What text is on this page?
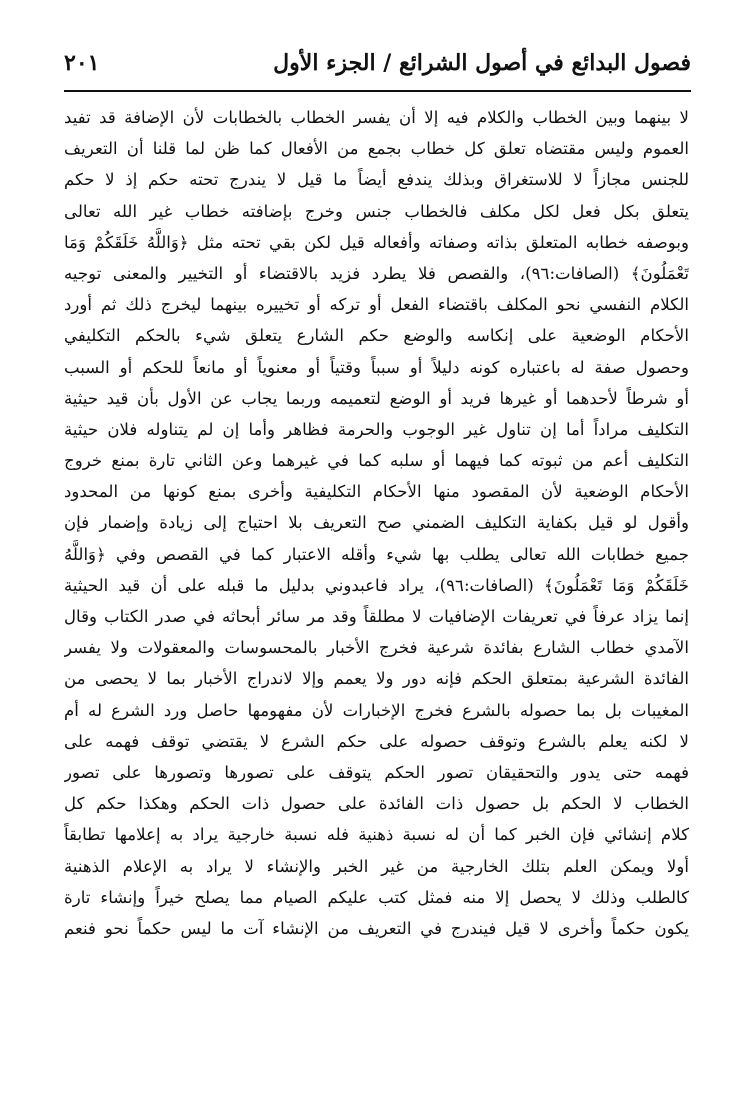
فصول البدائع في أصول الشرائع / الجزء الأول
٢٠١
لا بينهما وبين الخطاب والكلام فيه إلا أن يفسر الخطاب بالخطابات لأن الإضافة قد تفيد
العموم وليس مقتضاه تعلق كل خطاب بجمع من الأفعال كما ظن لما قلنا أن التعريف
للجنس مجازاً لا للاستغراق وبذلك يندفع أيضاً ما قيل لا يندرج تحته حكم إذ لا حكم
يتعلق بكل فعل لكل مكلف فالخطاب جنس وخرج بإضافته خطاب غير الله تعالى
وبوصفه خطابه المتعلق بذاته وصفاته وأفعاله قيل لكن بقي تحته مثل ﴿وَاللَّهُ خَلَقَكُمْ وَمَا
تَعْمَلُونَ﴾ (الصافات:٩٦)، والقصص فلا يطرد فزيد بالاقتضاء أو التخيير والمعنى توجيه
الكلام النفسي نحو المكلف باقتضاء الفعل أو تركه أو تخييره بينهما ليخرج ذلك ثم أورد
الأحكام الوضعية على إنكاسه والوضع حكم الشارع يتعلق شيء بالحكم التكليفي
وحصول صفة له باعتباره كونه دليلاً أو سبباً وقتياً أو معنوياً أو مانعاً للحكم أو السبب
أو شرطاً لأحدهما أو غيرها فريد أو الوضع لتعميمه وربما يجاب عن الأول بأن قيد حيثية
التكليف مراداً أما إن تناول غير الوجوب والحرمة فظاهر وأما إن لم يتناوله فلان حيثية
التكليف أعم من ثبوته كما فيهما أو سلبه كما في غيرهما وعن الثاني تارة بمنع خروج
الأحكام الوضعية لأن المقصود منها الأحكام التكليفية وأخرى بمنع كونها من المحدود
وأقول لو قيل بكفاية التكليف الضمني صح التعريف بلا احتياج إلى زيادة وإضمار فإن
جميع خطابات الله تعالى يطلب بها شيء وأقله الاعتبار كما في القصص وفي ﴿وَاللَّهُ
خَلَقَكُمْ وَمَا تَعْمَلُونَ﴾ (الصافات:٩٦)، يراد فاعبدوني بدليل ما قبله على أن قيد الحيثية
إنما يزاد عرفاً في تعريفات الإضافيات لا مطلقاً وقد مر سائر أبحاثه في صدر الكتاب وقال
الآمدي خطاب الشارع بفائدة شرعية فخرج الأخبار بالمحسوسات والمعقولات ولا يفسر
الفائدة الشرعية بمتعلق الحكم فإنه دور ولا يعمم وإلا لاندراج الأخبار بما لا يحصى من
المغيبات بل بما حصوله بالشرع فخرج الإخبارات لأن مفهومها حاصل ورد الشرع له أم
لا لكنه يعلم بالشرع وتوقف حصوله على حكم الشرع لا يقتضي توقف فهمه على
فهمه حتى يدور والتحقيقان تصور الحكم يتوقف على تصورها وتصورها على تصور
الخطاب لا الحكم بل حصول ذات الفائدة على حصول ذات الحكم وهكذا حكم كل
كلام إنشائي فإن الخبر كما أن له نسبة ذهنية فله نسبة خارجية يراد به إعلامها تطابقاً
أولا ويمكن العلم بتلك الخارجية من غير الخبر والإنشاء لا يراد به الإعلام الذهنية
كالطلب وذلك لا يحصل إلا منه فمثل كتب عليكم الصيام مما يصلح خيراً وإنشاء تارة
يكون حكماً وأخرى لا قيل فيندرج في التعريف من الإنشاء آت ما ليس حكماً نحو فنعم
